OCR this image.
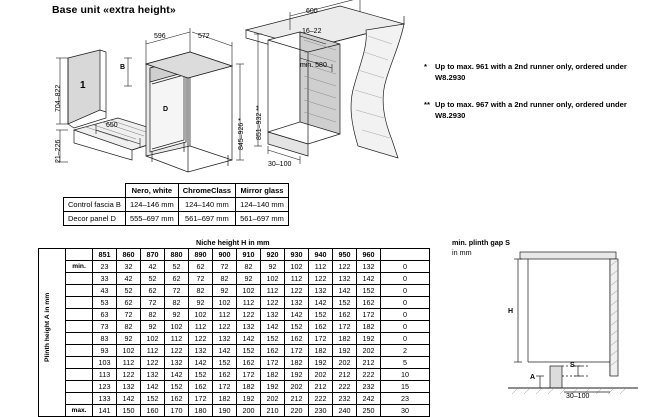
Base unit «extra height»
596	572
600
650
704–822
21–226
845–926 * 851–932 **
16–22
min. 580
30–100
B
D
1
* Up to max. 961 with a 2nd runner only, ordered under W8.2930
** Up to max. 967 with a 2nd runner only, ordered under W8.2930
	Nero, white	ChromeClass	Mirror glass
Control fascia B	124–146 mm	124–140 mm	124–140 mm
Decor panel D	555–697 mm	561–697 mm	561–697 mm
Niche height H in mm	min. plinth gap S
in mm
		851	860	870	880	890	900	910	920	930	940	950	960	
	min.	23	32	42	52	62	72	82	92	102	112	122	132	0
		33	42	52	62	72	82	92	102	112	122	132	142	0
		43	52	62	72	82	92	102	112	122	132	142	152	0
		53	62	72	82	92	102	112	122	132	142	152	162	0
		63	72	82	92	102	112	122	132	142	152	162	172	0
		73	82	92	102	112	122	132	142	152	162	172	182	0
		83	92	102	112	122	132	142	152	162	172	182	192	0
		93	102	112	122	132	142	152	162	172	182	192	202	2
		103	112	122	132	142	152	162	172	182	192	202	212	5
		113	122	132	142	152	162	172	182	192	202	212	222	10
		123	132	142	152	162	172	182	192	202	212	222	232	15
		133	142	152	162	172	182	192	202	212	222	232	242	23
	max.	141	150	160	170	180	190	200	210	220	230	240	250	30
H
S
A
30–100
Plinth height A in mm
